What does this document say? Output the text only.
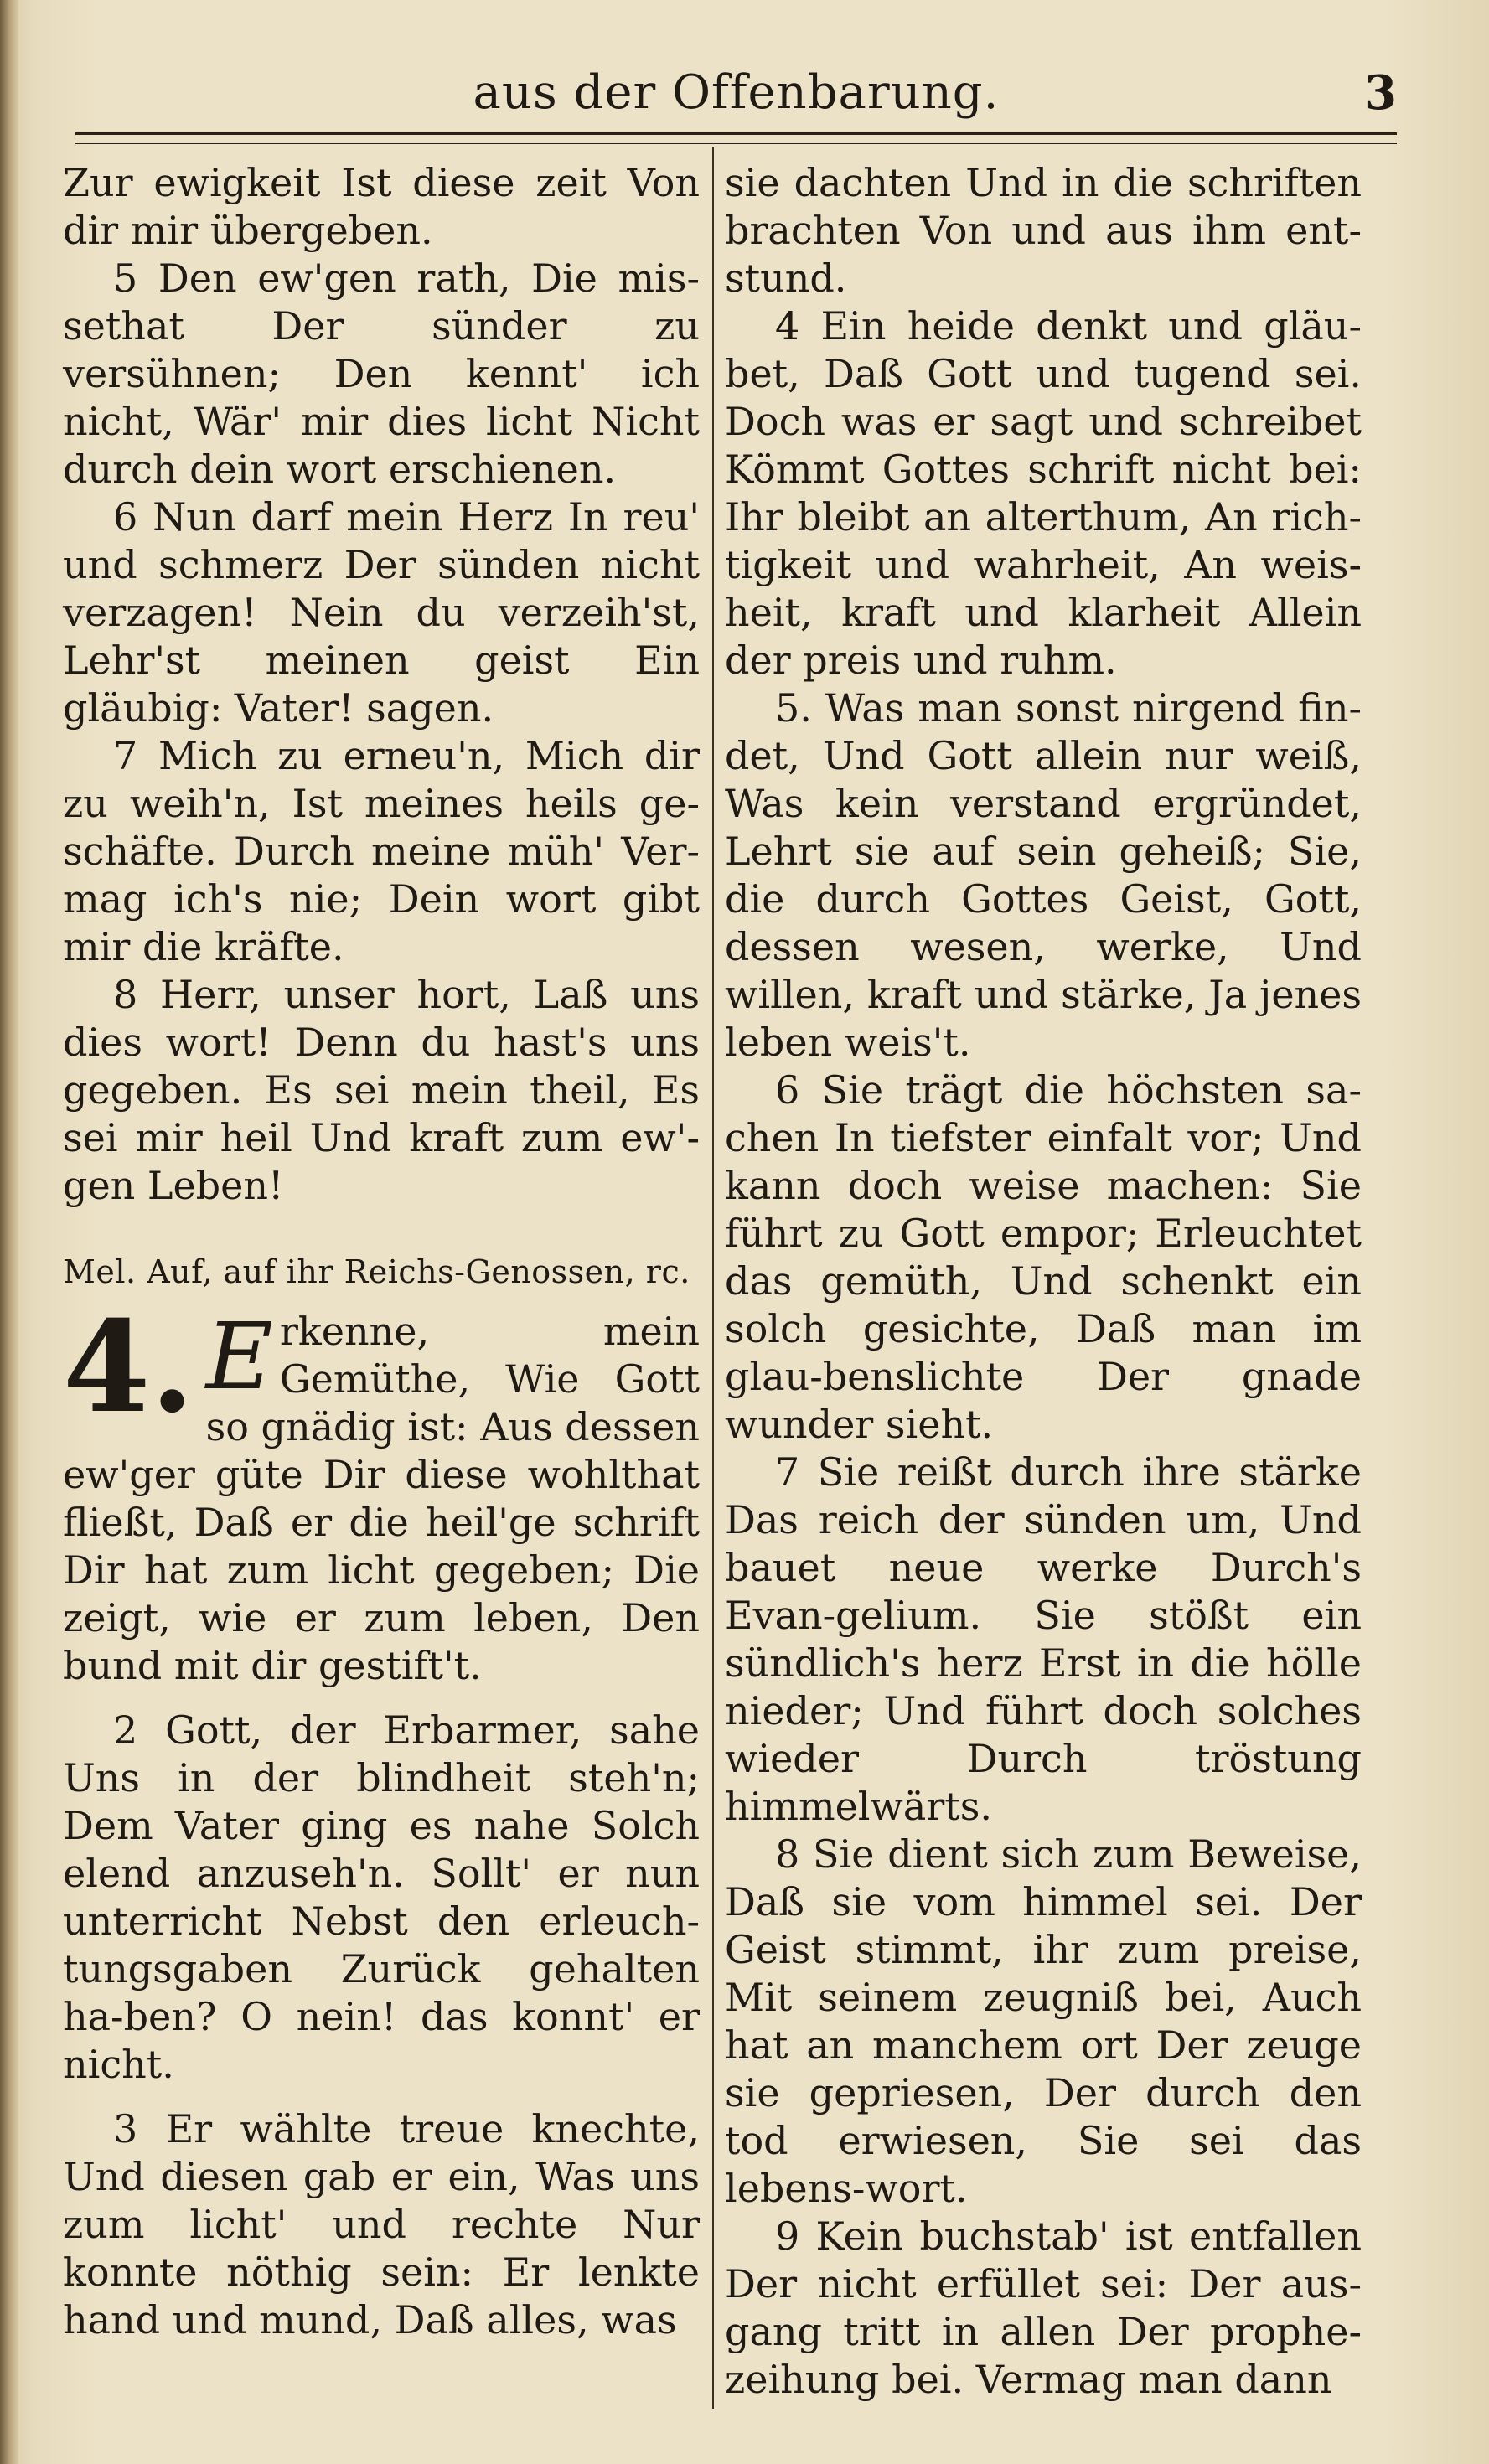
aus der Offenbarung.	3

Zur ewigkeit Ist diese zeit Von dir mir übergeben.

5 Den ew'gen rath, Die mis-sethat Der sünder zu versühnen; Den kennt' ich nicht, Wär' mir dies licht Nicht durch dein wort erschienen.

6 Nun darf mein Herz In reu' und schmerz Der sünden nicht verzagen! Nein du verzeih'st, Lehr'st meinen geist Ein gläubig: Vater! sagen.

7 Mich zu erneu'n, Mich dir zu weih'n, Ist meines heils ge-schäfte. Durch meine müh' Ver-mag ich's nie; Dein wort gibt mir die kräfte.

8 Herr, unser hort, Laß uns dies wort! Denn du hast's uns gegeben. Es sei mein theil, Es sei mir heil Und kraft zum ew'-gen Leben!

Mel. Auf, auf ihr Reichs-Genossen, rc.

4. E rkenne, mein Gemüthe, Wie Gott so gnädig ist: Aus dessen ew'ger güte Dir diese wohlthat fließt, Daß er die heil'ge schrift Dir hat zum licht gegeben; Die zeigt, wie er zum leben, Den bund mit dir gestift't.

2 Gott, der Erbarmer, sahe Uns in der blindheit steh'n; Dem Vater ging es nahe Solch elend anzuseh'n. Sollt' er nun unterricht Nebst den erleuch-tungsgaben Zurück gehalten ha-ben? O nein! das konnt' er nicht.

3 Er wählte treue knechte, Und diesen gab er ein, Was uns zum licht' und rechte Nur konnte nöthig sein: Er lenkte hand und mund, Daß alles, was

sie dachten Und in die schriften brachten Von und aus ihm ent-stund.

4 Ein heide denkt und gläu-bet, Daß Gott und tugend sei. Doch was er sagt und schreibet Kömmt Gottes schrift nicht bei: Ihr bleibt an alterthum, An rich-tigkeit und wahrheit, An weis-heit, kraft und klarheit Allein der preis und ruhm.

5. Was man sonst nirgend fin-det, Und Gott allein nur weiß, Was kein verstand ergründet, Lehrt sie auf sein geheiß; Sie, die durch Gottes Geist, Gott, dessen wesen, werke, Und willen, kraft und stärke, Ja jenes leben weis't.

6 Sie trägt die höchsten sa-chen In tiefster einfalt vor; Und kann doch weise machen: Sie führt zu Gott empor; Erleuchtet das gemüth, Und schenkt ein solch gesichte, Daß man im glau-benslichte Der gnade wunder sieht.

7 Sie reißt durch ihre stärke Das reich der sünden um, Und bauet neue werke Durch's Evan-gelium. Sie stößt ein sündlich's herz Erst in die hölle nieder; Und führt doch solches wieder Durch tröstung himmelwärts.

8 Sie dient sich zum Beweise, Daß sie vom himmel sei. Der Geist stimmt, ihr zum preise, Mit seinem zeugniß bei, Auch hat an manchem ort Der zeuge sie gepriesen, Der durch den tod erwiesen, Sie sei das lebens-wort.

9 Kein buchstab' ist entfallen Der nicht erfüllet sei: Der aus-gang tritt in allen Der prophe-zeihung bei. Vermag man dann
